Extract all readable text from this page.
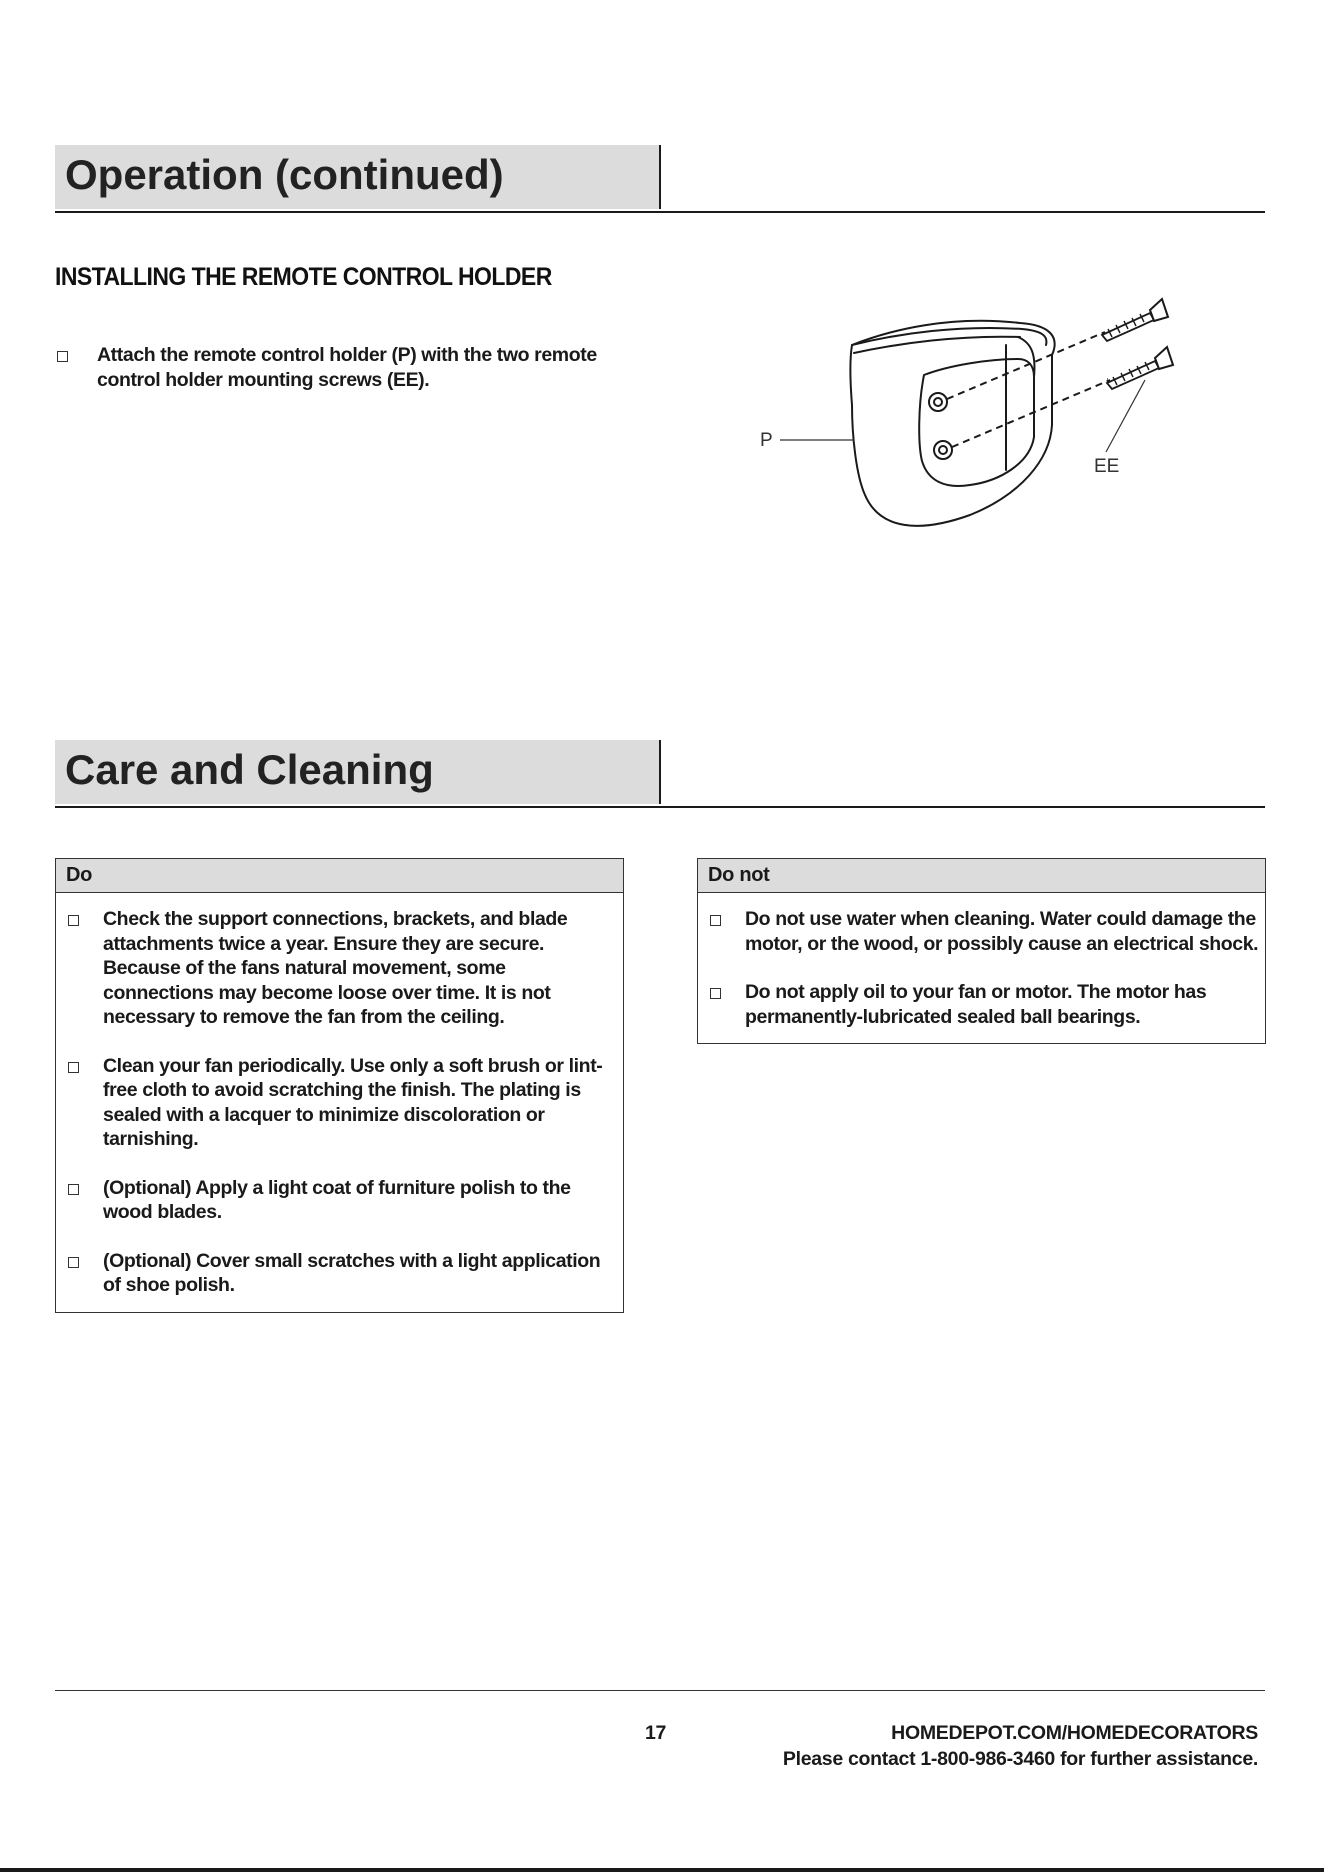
Operation (continued)
INSTALLING THE REMOTE CONTROL HOLDER
Attach the remote control holder (P) with the two remote control holder mounting screws (EE).
P
EE
Care and Cleaning
Do
Check the support connections, brackets, and blade attachments twice a year. Ensure they are secure. Because of the fans natural movement, some connections may become loose over time. It is not necessary to remove the fan from the ceiling.
Clean your fan periodically. Use only a soft brush or lint-free cloth to avoid scratching the finish. The plating is sealed with a lacquer to minimize discoloration or tarnishing.
(Optional) Apply a light coat of furniture polish to the wood blades.
(Optional) Cover small scratches with a light application of shoe polish.
Do not
Do not use water when cleaning. Water could damage the motor, or the wood, or possibly cause an electrical shock.
Do not apply oil to your fan or motor. The motor has permanently-lubricated sealed ball bearings.
17	HOMEDEPOT.COM/HOMEDECORATORS
Please contact 1-800-986-3460 for further assistance.
